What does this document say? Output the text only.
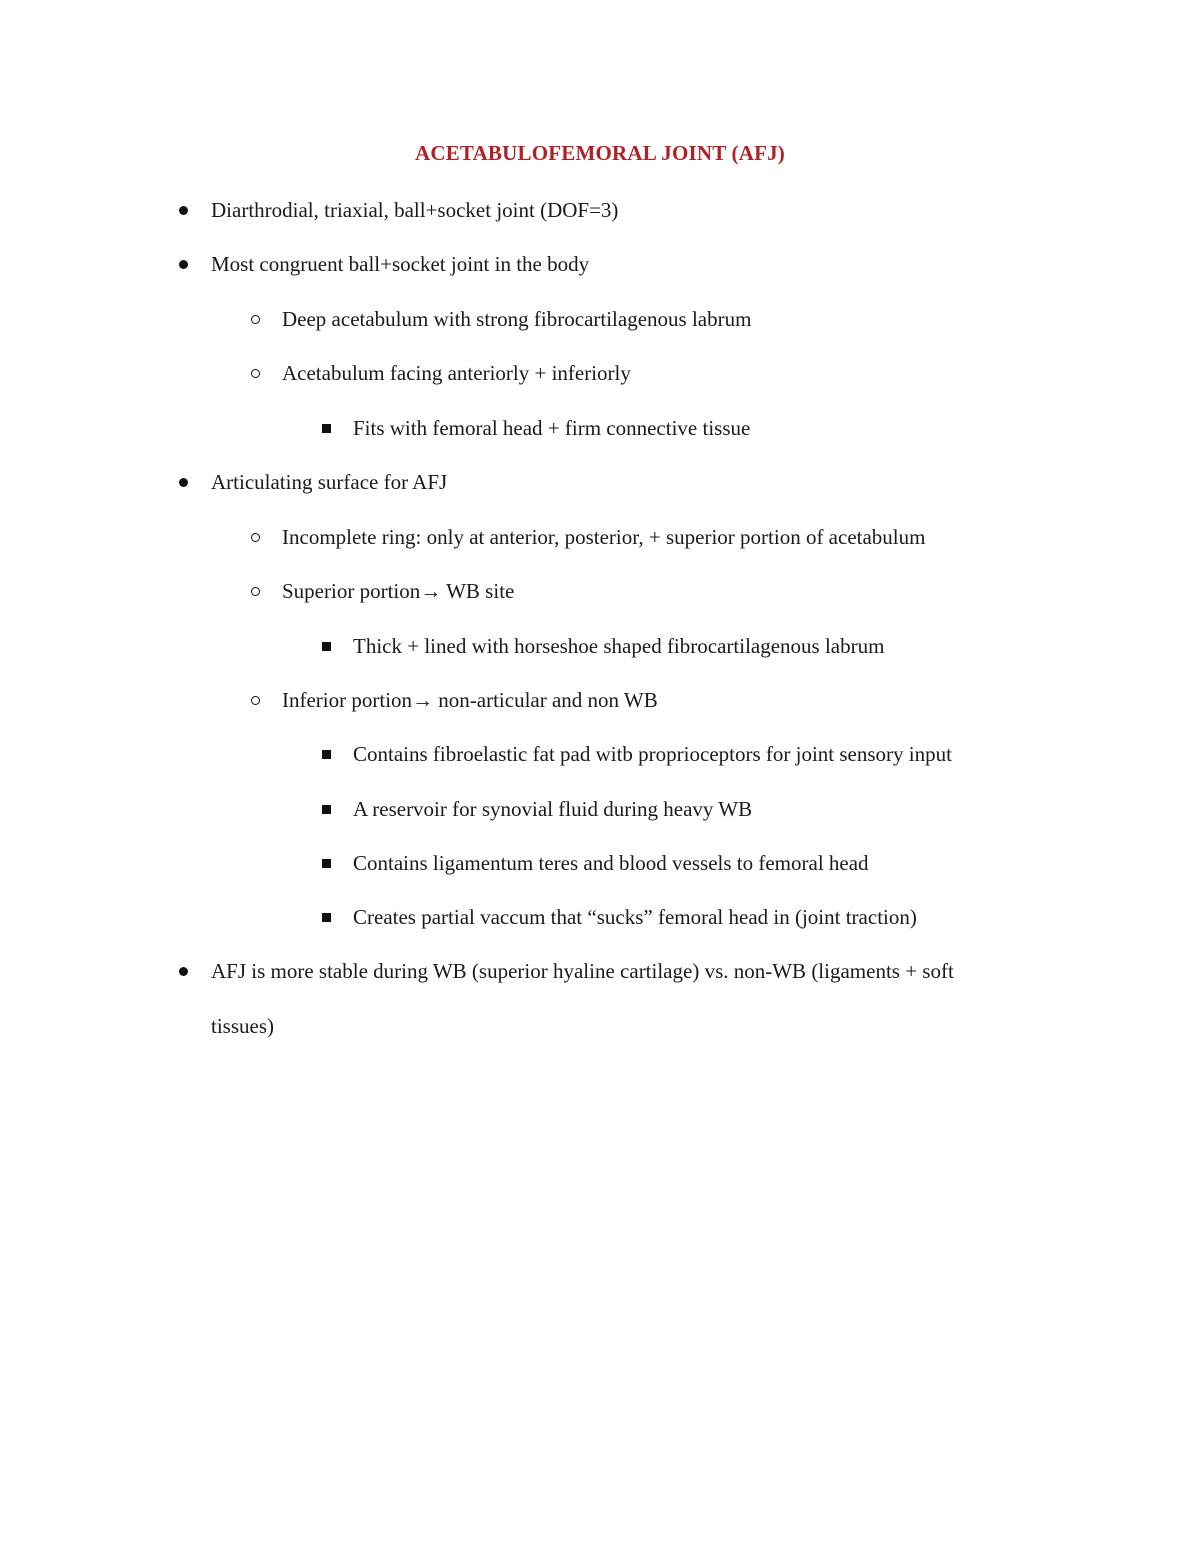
ACETABULOFEMORAL JOINT (AFJ)
Diarthrodial, triaxial, ball+socket joint (DOF=3)
Most congruent ball+socket joint in the body
Deep acetabulum with strong fibrocartilagenous labrum
Acetabulum facing anteriorly + inferiorly
Fits with femoral head + firm connective tissue
Articulating surface for AFJ
Incomplete ring: only at anterior, posterior, + superior portion of acetabulum
Superior portion→ WB site
Thick + lined with horseshoe shaped fibrocartilagenous labrum
Inferior portion→ non-articular and non WB
Contains fibroelastic fat pad witb proprioceptors for joint sensory input
A reservoir for synovial fluid during heavy WB
Contains ligamentum teres and blood vessels to femoral head
Creates partial vaccum that “sucks” femoral head in (joint traction)
AFJ is more stable during WB (superior hyaline cartilage) vs. non-WB (ligaments + soft
tissues)
